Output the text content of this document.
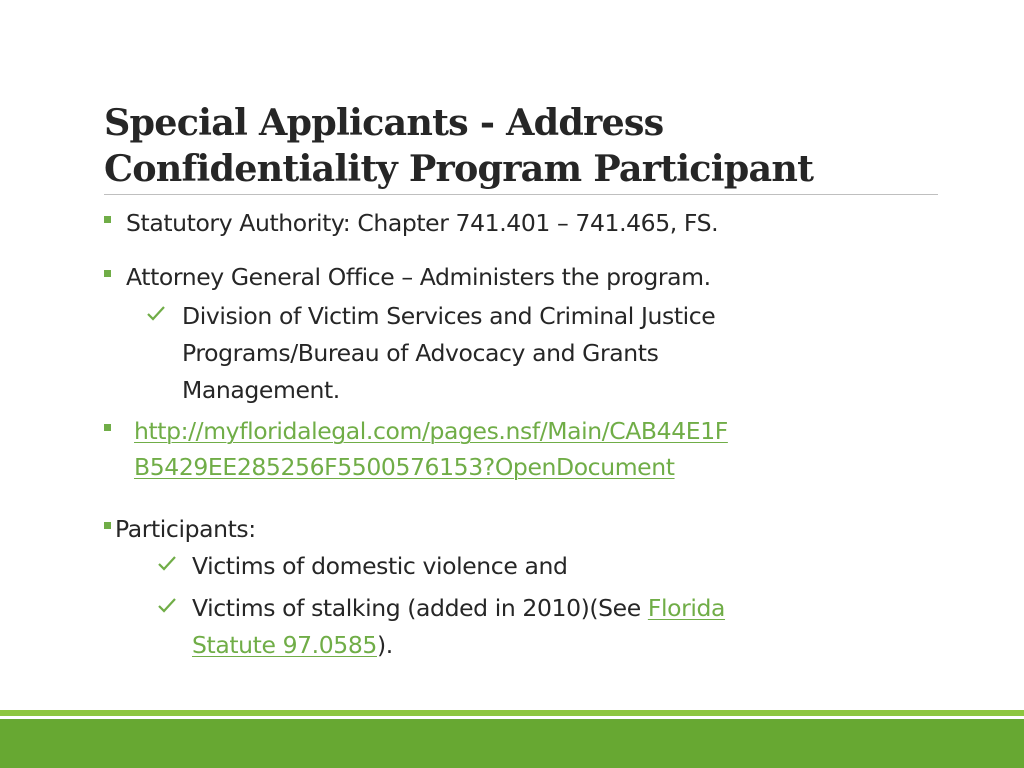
Special Applicants - Address
Confidentiality Program Participant
Statutory Authority: Chapter 741.401 – 741.465, FS.
Attorney General Office – Administers the program.
Division of Victim Services and Criminal Justice
Programs/Bureau of Advocacy and Grants
Management.
http://myfloridalegal.com/pages.nsf/Main/CAB44E1F
B5429EE285256F5500576153?OpenDocument
Participants:
Victims of domestic violence and
Victims of stalking (added in 2010)(See Florida
Statute 97.0585).
